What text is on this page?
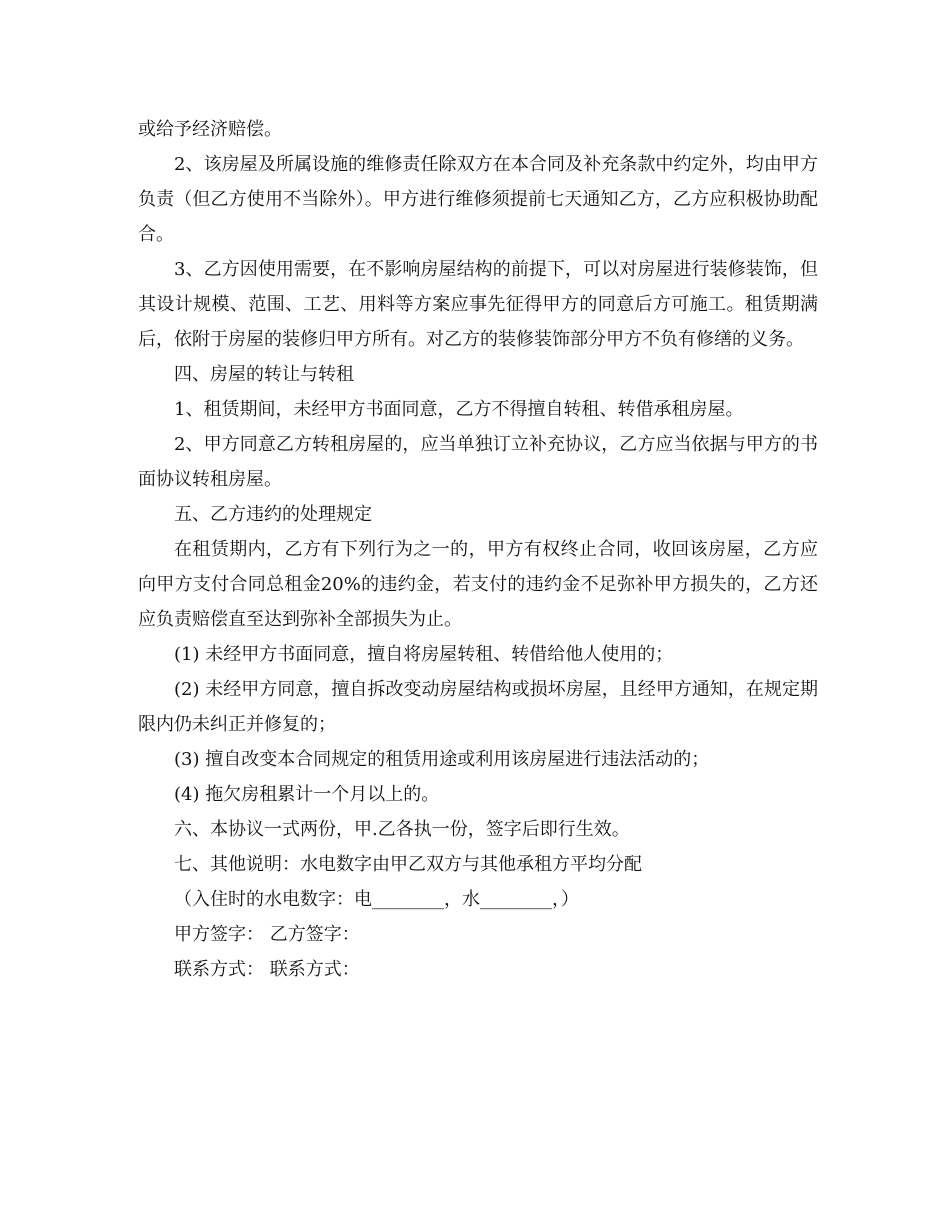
或给予经济赔偿。

2、该房屋及所属设施的维修责任除双方在本合同及补充条款中约定外，均由甲方负责（但乙方使用不当除外）。甲方进行维修须提前七天通知乙方，乙方应积极协助配合。

3、乙方因使用需要，在不影响房屋结构的前提下，可以对房屋进行装修装饰，但其设计规模、范围、工艺、用料等方案应事先征得甲方的同意后方可施工。租赁期满后，依附于房屋的装修归甲方所有。对乙方的装修装饰部分甲方不负有修缮的义务。

四、房屋的转让与转租

1、租赁期间，未经甲方书面同意，乙方不得擅自转租、转借承租房屋。

2、甲方同意乙方转租房屋的，应当单独订立补充协议，乙方应当依据与甲方的书面协议转租房屋。

五、乙方违约的处理规定

在租赁期内，乙方有下列行为之一的，甲方有权终止合同，收回该房屋，乙方应向甲方支付合同总租金20%的违约金，若支付的违约金不足弥补甲方损失的，乙方还应负责赔偿直至达到弥补全部损失为止。

(1) 未经甲方书面同意，擅自将房屋转租、转借给他人使用的；

(2) 未经甲方同意，擅自拆改变动房屋结构或损坏房屋，且经甲方通知，在规定期限内仍未纠正并修复的；

(3) 擅自改变本合同规定的租赁用途或利用该房屋进行违法活动的；

(4) 拖欠房租累计一个月以上的。

六、本协议一式两份，甲.乙各执一份，签字后即行生效。

七、其他说明：水电数字由甲乙双方与其他承租方平均分配

（入住时的水电数字：电________，水________，）

甲方签字： 乙方签字：

联系方式： 联系方式：
